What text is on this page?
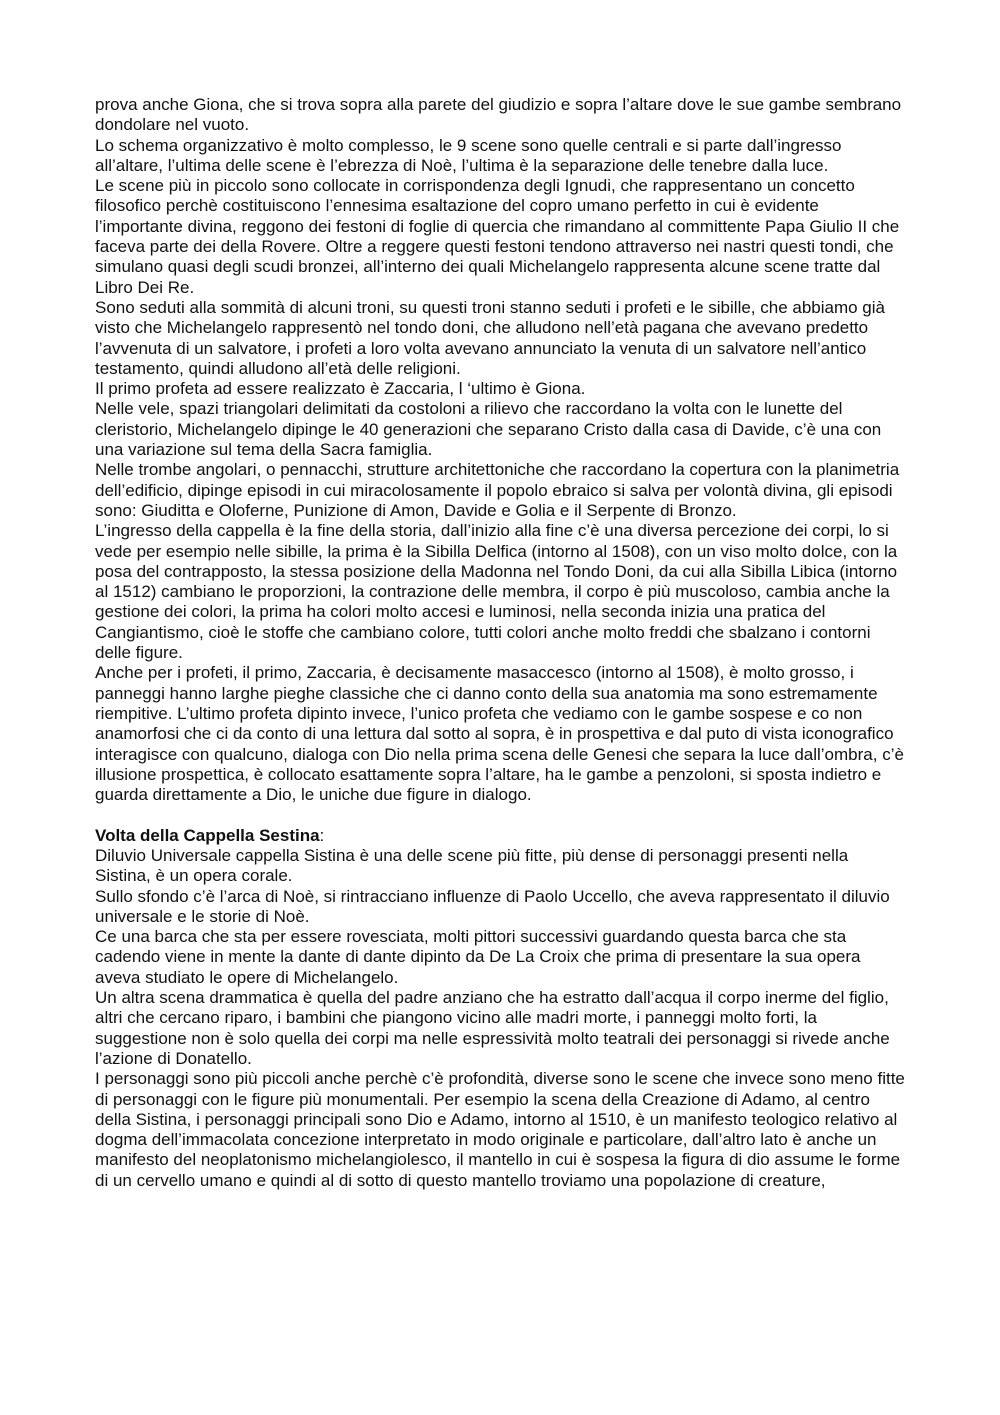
prova anche Giona, che si trova sopra alla parete del giudizio e sopra l’altare dove le sue gambe sembrano dondolare nel vuoto.

Lo schema organizzativo è molto complesso, le 9 scene sono quelle centrali e si parte dall’ingresso all’altare, l’ultima delle scene è l’ebrezza di Noè, l’ultima è la separazione delle tenebre dalla luce.

Le scene più in piccolo sono collocate in corrispondenza degli Ignudi, che rappresentano un concetto filosofico perchè costituiscono l’ennesima esaltazione del copro umano perfetto in cui è evidente l’importante divina, reggono dei festoni di foglie di quercia che rimandano al committente Papa Giulio II che faceva parte dei della Rovere. Oltre a reggere questi festoni tendono attraverso nei nastri questi tondi, che simulano quasi degli scudi bronzei, all’interno dei quali Michelangelo rappresenta alcune scene tratte dal Libro Dei Re.

Sono seduti alla sommità di alcuni troni, su questi troni stanno seduti i profeti e le sibille, che abbiamo già visto che Michelangelo rappresentò nel tondo doni, che alludono nell’età pagana che avevano predetto l’avvenuta di un salvatore, i profeti a loro volta avevano annunciato la venuta di un salvatore nell’antico testamento, quindi alludono all’età delle religioni.

Il primo profeta ad essere realizzato è Zaccaria, l ‘ultimo è Giona.

Nelle vele, spazi triangolari delimitati da costoloni a rilievo che raccordano la volta con le lunette del cleristorio, Michelangelo dipinge le 40 generazioni che separano Cristo dalla casa di Davide, c’è una con una variazione sul tema della Sacra famiglia.

Nelle trombe angolari, o pennacchi, strutture architettoniche che raccordano la copertura con la planimetria dell’edificio, dipinge episodi in cui miracolosamente il popolo ebraico si salva per volontà divina, gli episodi sono: Giuditta e Oloferne, Punizione di Amon, Davide e Golia e il Serpente di Bronzo.

L’ingresso della cappella è la fine della storia, dall’inizio alla fine c’è una diversa percezione dei corpi, lo si vede per esempio nelle sibille, la prima è la Sibilla Delfica (intorno al 1508), con un viso molto dolce, con la posa del contrapposto, la stessa posizione della Madonna nel Tondo Doni, da cui alla Sibilla Libica (intorno al 1512) cambiano le proporzioni, la contrazione delle membra, il corpo è più muscoloso, cambia anche la gestione dei colori, la prima ha colori molto accesi e luminosi, nella seconda inizia una pratica del Cangiantismo, cioè le stoffe che cambiano colore, tutti colori anche molto freddi che sbalzano i contorni delle figure.

Anche per i profeti, il primo, Zaccaria, è decisamente masaccesco (intorno al 1508), è molto grosso, i panneggi hanno larghe pieghe classiche che ci danno conto della sua anatomia ma sono estremamente riempitive. L’ultimo profeta dipinto invece, l’unico profeta che vediamo con le gambe sospese e co non anamorfosi che ci da conto di una lettura dal sotto al sopra, è in prospettiva e dal puto di vista iconografico interagisce con qualcuno, dialoga con Dio nella prima scena delle Genesi che separa la luce dall’ombra, c’è illusione prospettica, è collocato esattamente sopra l’altare, ha le gambe a penzoloni, si sposta indietro e guarda direttamente a Dio, le uniche due figure in dialogo.

Volta della Cappella Sestina:

Diluvio Universale cappella Sistina è una delle scene più fitte, più dense di personaggi presenti nella Sistina, è un opera corale.

Sullo sfondo c’è l’arca di Noè, si rintracciano influenze di Paolo Uccello, che aveva rappresentato il diluvio universale e le storie di Noè.

Ce una barca che sta per essere rovesciata, molti pittori successivi guardando questa barca che sta cadendo viene in mente la dante di dante dipinto da De La Croix che prima di presentare la sua opera aveva studiato le opere di Michelangelo.

Un altra scena drammatica è quella del padre anziano che ha estratto dall’acqua il corpo inerme del figlio, altri che cercano riparo, i bambini che piangono vicino alle madri morte, i panneggi molto forti, la suggestione non è solo quella dei corpi ma nelle espressività molto teatrali dei personaggi si rivede anche l’azione di Donatello.

I personaggi sono più piccoli anche perchè c’è profondità, diverse sono le scene che invece sono meno fitte di personaggi con le figure più monumentali. Per esempio la scena della Creazione di Adamo, al centro della Sistina, i personaggi principali sono Dio e Adamo, intorno al 1510, è un manifesto teologico relativo al dogma dell’immacolata concezione interpretato in modo originale e particolare, dall’altro lato è anche un manifesto del neoplatonismo michelangiolesco, il mantello in cui è sospesa la figura di dio assume le forme di un cervello umano e quindi al di sotto di questo mantello troviamo una popolazione di creature,
